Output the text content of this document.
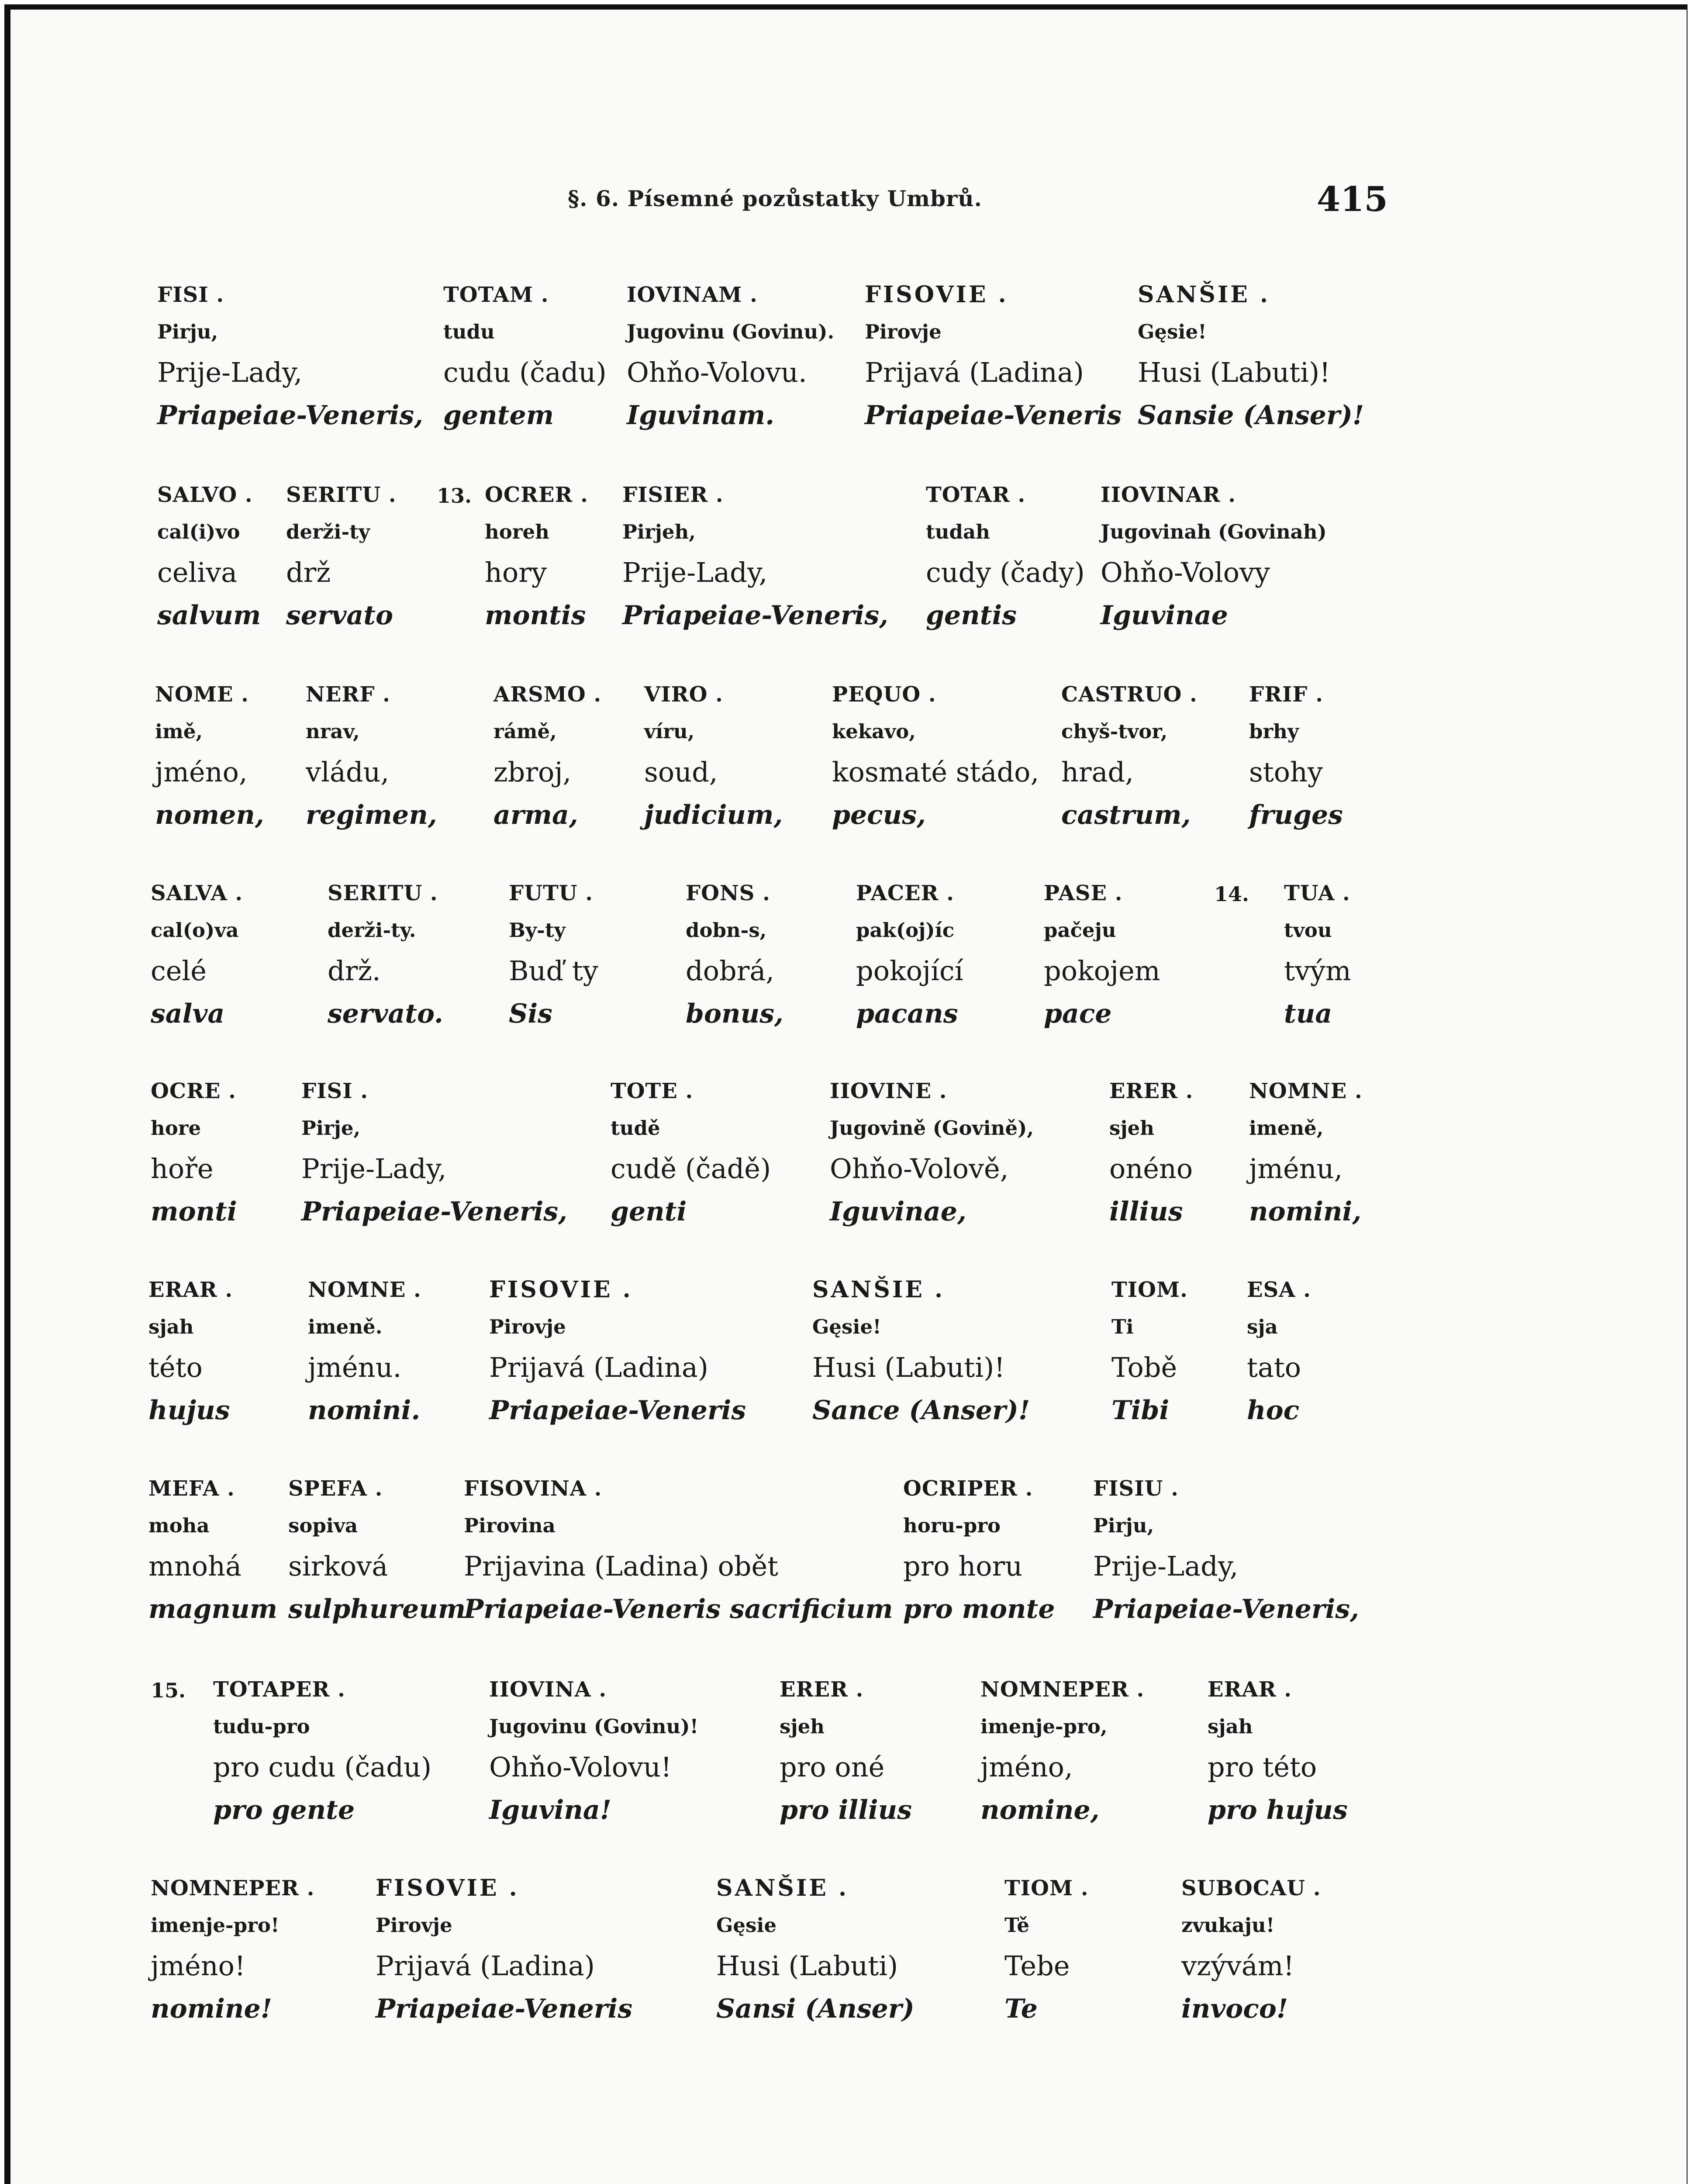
§. 6. Písemné pozůstatky Umbrů.	415
FISI .
Pirju,
Prije-Lady,
Priapeiae-Veneris,
TOTAM .
tudu
cudu (čadu)
gentem
IOVINAM .
Jugovinu (Govinu).
Ohňo-Volovu.
Iguvinam.
FISOVIE .
Pirovje
Prijavá (Ladina)
Priapeiae-Veneris
SANŠIE .
Gęsie!
Husi (Labuti)!
Sansie (Anser)!
13.
SALVO .
cal(i)vo
celiva
salvum
SERITU .
derži-ty
drž
servato
OCRER .
horeh
hory
montis
FISIER .
Pirjeh,
Prije-Lady,
Priapeiae-Veneris,
TOTAR .
tudah
cudy (čady)
gentis
IIOVINAR .
Jugovinah (Govinah)
Ohňo-Volovy
Iguvinae
NOME .
imě,
jméno,
nomen,
NERF .
nrav,
vládu,
regimen,
ARSMO .
rámě,
zbroj,
arma,
VIRO .
víru,
soud,
judicium,
PEQUO .
kekavo,
kosmaté stádo,
pecus,
CASTRUO .
chyš-tvor,
hrad,
castrum,
FRIF .
brhy
stohy
fruges
14.
SALVA .
cal(o)va
celé
salva
SERITU .
derži-ty.
drž.
servato.
FUTU .
By-ty
Buď ty
Sis
FONS .
dobn-s,
dobrá,
bonus,
PACER .
pak(oj)íc
pokojící
pacans
PASE .
pačeju
pokojem
pace
TUA .
tvou
tvým
tua
OCRE .
hore
hoře
monti
FISI .
Pirje,
Prije-Lady,
Priapeiae-Veneris,
TOTE .
tudě
cudě (čadě)
genti
IIOVINE .
Jugovině (Govině),
Ohňo-Volově,
Iguvinae,
ERER .
sjeh
onéno
illius
NOMNE .
imeně,
jménu,
nomini,
ERAR .
sjah
této
hujus
NOMNE .
imeně.
jménu.
nomini.
FISOVIE .
Pirovje
Prijavá (Ladina)
Priapeiae-Veneris
SANŠIE .
Gęsie!
Husi (Labuti)!
Sance (Anser)!
TIOM.
Ti
Tobě
Tibi
ESA .
sja
tato
hoc
MEFA .
moha
mnohá
magnum
SPEFA .
sopiva
sirková
sulphureum
FISOVINA .
Pirovina
Prijavina (Ladina) obět
Priapeiae-Veneris sacrificium
OCRIPER .
horu-pro
pro horu
pro monte
FISIU .
Pirju,
Prije-Lady,
Priapeiae-Veneris,
15. TOTAPER .
tudu-pro
pro cudu (čadu)
pro gente
IIOVINA .
Jugovinu (Govinu)!
Ohňo-Volovu!
Iguvina!
ERER .
sjeh
pro oné
pro illius
NOMNEPER .
imenje-pro,
jméno,
nomine,
ERAR .
sjah
pro této
pro hujus
NOMNEPER .
imenje-pro!
jméno!
nomine!
FISOVIE .
Pirovje
Prijavá (Ladina)
Priapeiae-Veneris
SANŠIE .
Gęsie
Husi (Labuti)
Sansi (Anser)
TIOM .
Tě
Tebe
Te
SUBOCAU .
zvukaju!
vzývám!
invoco!
